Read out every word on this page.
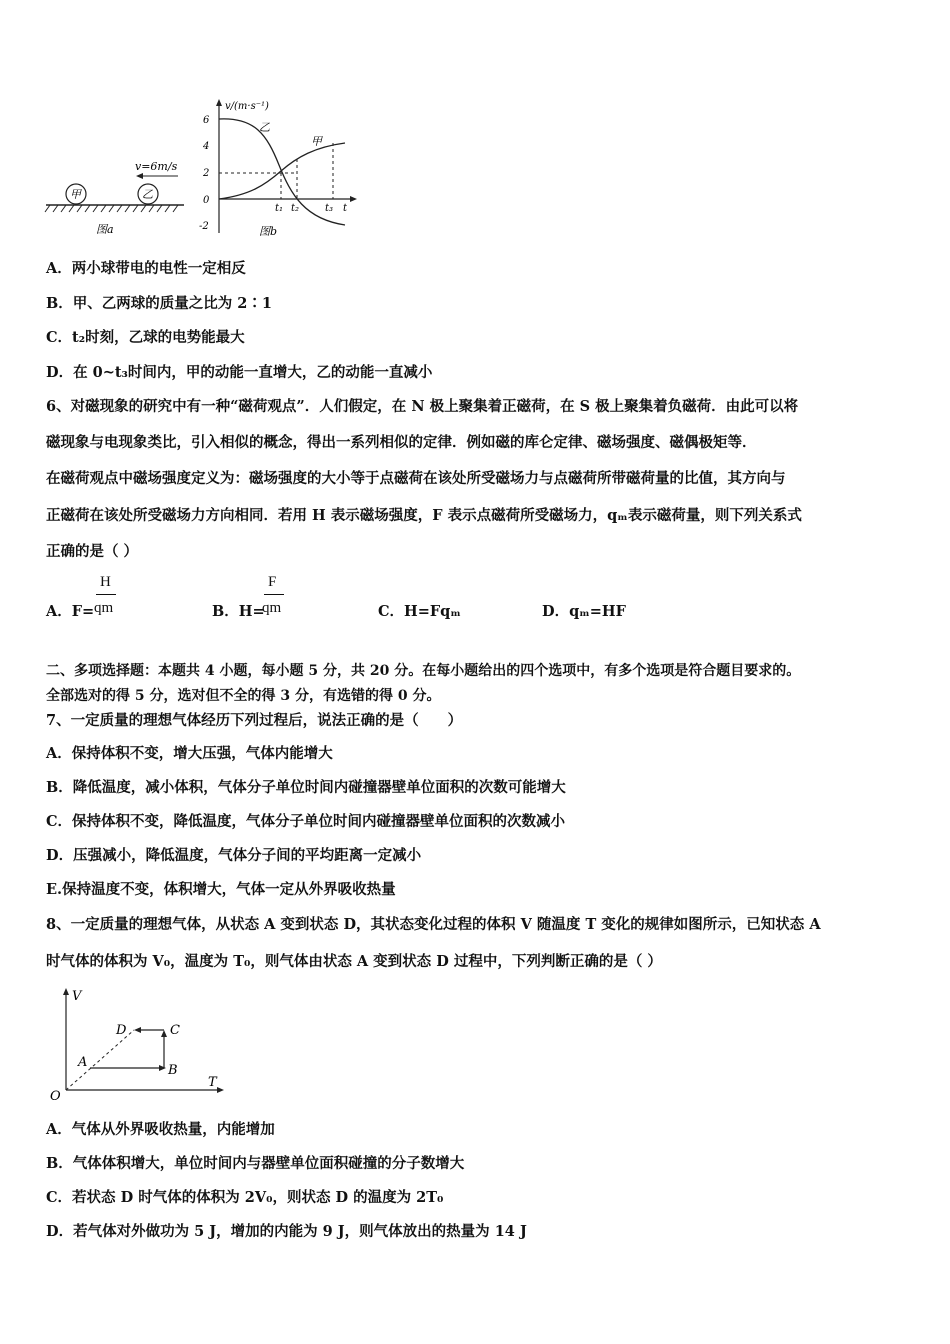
v=6m/s
甲	乙
图a
v/(m·s⁻¹)
6
4
2
0
-2
乙
甲
t₁ t₂	t₃ t
图b
A．两小球带电的电性一定相反
B．甲、乙两球的质量之比为 2∶1
C．t₂时刻，乙球的电势能最大
D．在 0~t₃时间内，甲的动能一直增大，乙的动能一直减小
6、对磁现象的研究中有一种“磁荷观点”．人们假定，在 N 极上聚集着正磁荷，在 S 极上聚集着负磁荷．由此可以将
磁现象与电现象类比，引入相似的概念，得出一系列相似的定律．例如磁的库仑定律、磁场强度、磁偶极矩等．
在磁荷观点中磁场强度定义为：磁场强度的大小等于点磁荷在该处所受磁场力与点磁荷所带磁荷量的比值，其方向与
正磁荷在该处所受磁场力方向相同．若用 H 表示磁场强度，F 表示点磁荷所受磁场力，qₘ表示磁荷量，则下列关系式
正确的是（ ）
A．F=
H
qm	B．H=
F
qm	C．H=Fqₘ	D．qₘ=HF
二、多项选择题：本题共 4 小题，每小题 5 分，共 20 分。在每小题给出的四个选项中，有多个选项是符合题目要求的。
全部选对的得 5 分，选对但不全的得 3 分，有选错的得 0 分。
7、一定质量的理想气体经历下列过程后，说法正确的是（　　）
A．保持体积不变，增大压强，气体内能增大
B．降低温度，减小体积，气体分子单位时间内碰撞器壁单位面积的次数可能增大
C．保持体积不变，降低温度，气体分子单位时间内碰撞器壁单位面积的次数减小
D．压强减小，降低温度，气体分子间的平均距离一定减小
E.保持温度不变，体积增大，气体一定从外界吸收热量
8、一定质量的理想气体，从状态 A 变到状态 D，其状态变化过程的体积 V 随温度 T 变化的规律如图所示，已知状态 A
时气体的体积为 V₀，温度为 T₀，则气体由状态 A 变到状态 D 过程中，下列判断正确的是（ ）
V
T
O
A
B
C
D
A．气体从外界吸收热量，内能增加
B．气体体积增大，单位时间内与器壁单位面积碰撞的分子数增大
C．若状态 D 时气体的体积为 2V₀，则状态 D 的温度为 2T₀
D．若气体对外做功为 5 J，增加的内能为 9 J，则气体放出的热量为 14 J
